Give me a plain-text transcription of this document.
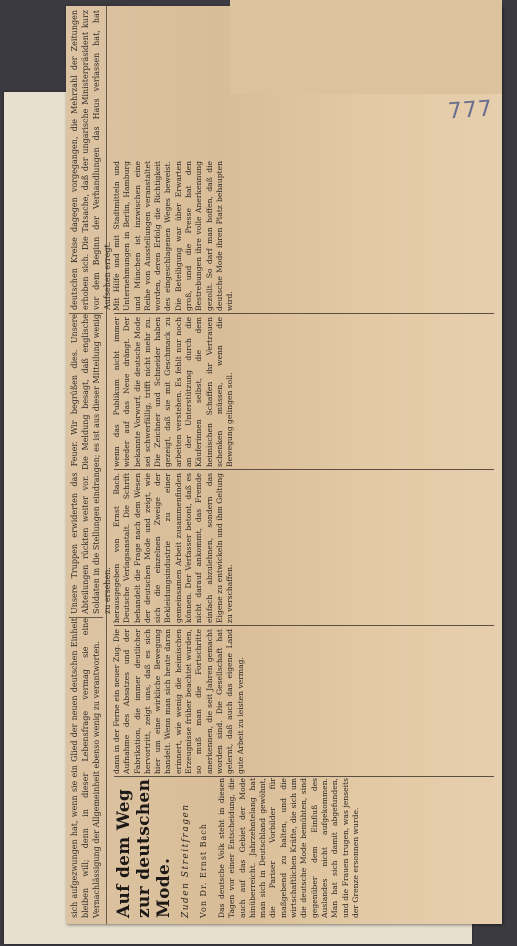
sich aufgezwungen hat, wenn sie ein Glied der neuen deutschen Einheit bleiben will; denn in dieser Lebensfrage vermag sie eine Vernachlässigung der Allgemeinheit ebenso wenig zu verantworten.
Unsere Truppen erwiderten das Feuer. Wir begrüßen dies. Unsere Abteilungen rückten weiter vor. Die Meldung besagt, daß englische Soldaten in die Stellungen eindrangen; es ist aus dieser Mitteilung wenig zu ersehen.
deutschen Kreise dagegen vorgegangen, die Mehrzahl der Zeitungen erhoben sich. Die Tatsache, daß der ungarische Ministerpräsident kurz vor dem Beginn der Verhandlungen das Haus verlassen hat, hat Aufsehen erregt.
Auf dem Weg zur deutschen Mode. Zuden Streitfragen Von Dr. Ernst Bach Das deutsche Volk steht in diesen Tagen vor einer Entscheidung, die auch auf das Gebiet der Mode hinüberreicht. Jahrzehntelang hat man sich in Deutschland gewöhnt, die Pariser Vorbilder für maßgebend zu halten, und die wirtschaftlichen Kräfte, die sich um die deutsche Mode bemühten, sind gegenüber dem Einfluß des Auslandes nicht aufgekommen. Man hat sich damit abgefunden, und die Frauen trugen, was jenseits der Grenze ersonnen wurde.
dann in der Ferne ein neuer Zug. Die Aufnahme des Absatzes und der Fabrikation, die immer deutlicher hervortritt, zeigt uns, daß es sich hier um eine wirkliche Bewegung handelt. Wenn man sich heute daran erinnert, wie wenig die heimischen Erzeugnisse früher beachtet wurden, so muß man die Fortschritte anerkennen, die seit Jahren gemacht worden sind. Die Gesellschaft hat gelernt, daß auch das eigene Land gute Arbeit zu leisten vermag.
herausgegeben von Ernst Bach. Deutsche Verlagsanstalt. Die Schrift behandelt die Frage nach dem Wesen der deutschen Mode und zeigt, wie sich die einzelnen Zweige der Bekleidungsindustrie zu einer gemeinsamen Arbeit zusammenfinden können. Der Verfasser betont, daß es nicht darauf ankommt, das Fremde einfach abzulehnen, sondern das Eigene zu entwickeln und ihm Geltung zu verschaffen.
wenn das Publikum nicht immer wieder auf das Neue drängt. Der bekannte Vorwurf, die deutsche Mode sei schwerfällig, trifft nicht mehr zu. Die Zeichner und Schneider haben gezeigt, daß sie mit Geschmack zu arbeiten verstehen. Es fehlt nur noch an der Unterstützung durch die Käuferinnen selbst, die dem heimischen Schaffen ihr Vertrauen schenken müssen, wenn die Bewegung gelingen soll.
Mit Hilfe und mit Stadtmitteln und Unternehmungen in Berlin, Hamburg und München ist inzwischen eine Reihe von Ausstellungen veranstaltet worden, deren Erfolg die Richtigkeit des eingeschlagenen Weges beweist. Die Beteiligung war über Erwarten groß, und die Presse hat den Bestrebungen ihre volle Anerkennung gezollt. So darf man hoffen, daß die deutsche Mode ihren Platz behaupten wird.
777
